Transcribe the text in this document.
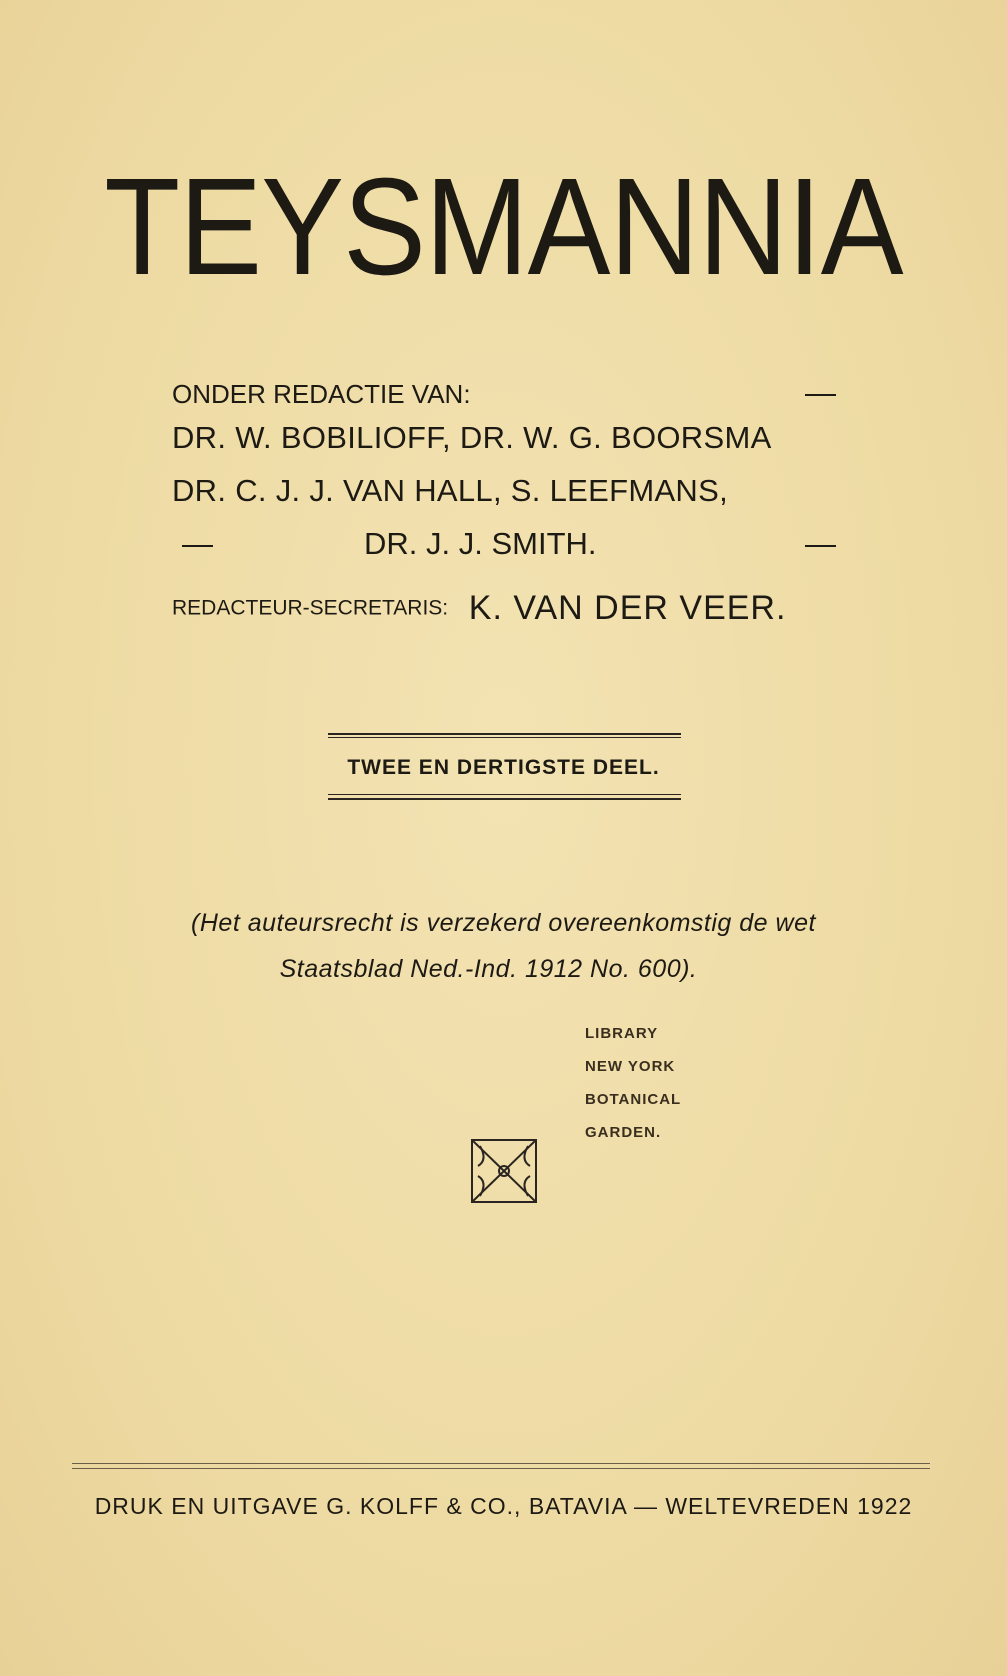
TEYSMANNIA
ONDER REDACTIE VAN:	—
DR. W. BOBILIOFF, DR. W. G. BOORSMA
DR. C. J. J. VAN HALL, S. LEEFMANS,
—	DR. J. J. SMITH.	—
REDACTEUR-SECRETARIS: K. VAN DER VEER.
TWEE EN DERTIGSTE DEEL.
(Het auteursrecht is verzekerd overeenkomstig de wet
Staatsblad Ned.-Ind. 1912 No. 600).
LIBRARY
NEW YORK
BOTANICAL
GARDEN.
DRUK EN UITGAVE G. KOLFF & CO., BATAVIA — WELTEVREDEN 1922
